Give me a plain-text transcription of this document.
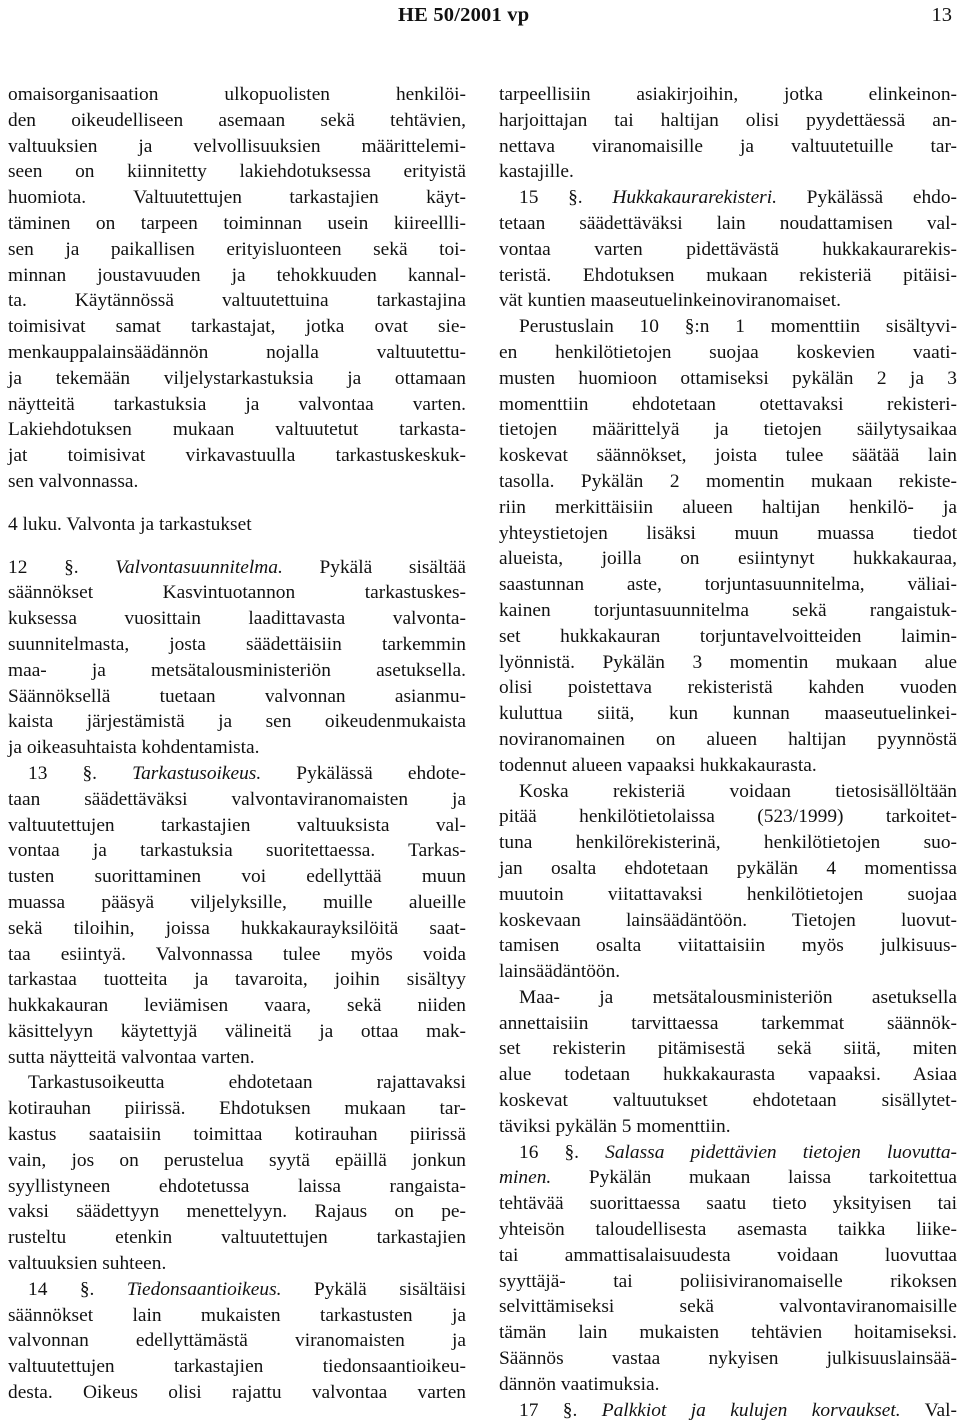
HE 50/2001 vp	13
omaisorganisaation ulkopuolisten henkilöi-
den oikeudelliseen asemaan sekä tehtävien,
valtuuksien ja velvollisuuksien määrittelemi-
seen on kiinnitetty lakiehdotuksessa erityistä
huomiota. Valtuutettujen tarkastajien käyt-
täminen on tarpeen toiminnan usein kiireellli-
sen ja paikallisen erityisluonteen sekä toi-
minnan joustavuuden ja tehokkuuden kannal-
ta. Käytännössä valtuutettuina tarkastajina
toimisivat samat tarkastajat, jotka ovat sie-
menkauppalainsäädännön nojalla valtuutettu-
ja tekemään viljelystarkastuksia ja ottamaan
näytteitä tarkastuksia ja valvontaa varten.
Lakiehdotuksen mukaan valtuutetut tarkasta-
jat toimisivat virkavastuulla tarkastuskeskuk-
sen valvonnassa.
4 luku. Valvonta ja tarkastukset
12 §. Valvontasuunnitelma. Pykälä sisältää
säännökset Kasvintuotannon tarkastuskes-
kuksessa vuosittain laadittavasta valvonta-
suunnitelmasta, josta säädettäisiin tarkemmin
maa- ja metsätalousministeriön asetuksella.
Säännöksellä tuetaan valvonnan asianmu-
kaista järjestämistä ja sen oikeudenmukaista
ja oikeasuhtaista kohdentamista.
13 §. Tarkastusoikeus. Pykälässä ehdote-
taan säädettäväksi valvontaviranomaisten ja
valtuutettujen tarkastajien valtuuksista val-
vontaa ja tarkastuksia suoritettaessa. Tarkas-
tusten suorittaminen voi edellyttää muun
muassa pääsyä viljelyksille, muille alueille
sekä tiloihin, joissa hukkakaurayksilöitä saat-
taa esiintyä. Valvonnassa tulee myös voida
tarkastaa tuotteita ja tavaroita, joihin sisältyy
hukkakauran leviämisen vaara, sekä niiden
käsittelyyn käytettyjä välineitä ja ottaa mak-
sutta näytteitä valvontaa varten.
Tarkastusoikeutta ehdotetaan rajattavaksi
kotirauhan piirissä. Ehdotuksen mukaan tar-
kastus saataisiin toimittaa kotirauhan piirissä
vain, jos on perustelua syytä epäillä jonkun
syyllistyneen ehdotetussa laissa rangaista-
vaksi säädettyyn menettelyyn. Rajaus on pe-
rusteltu etenkin valtuutettujen tarkastajien
valtuuksien suhteen.
14 §. Tiedonsaantioikeus. Pykälä sisältäisi
säännökset lain mukaisten tarkastusten ja
valvonnan edellyttämästä viranomaisten ja
valtuutettujen tarkastajien tiedonsaantioikeu-
desta. Oikeus olisi rajattu valvontaa varten
tarpeellisiin asiakirjoihin, jotka elinkeinon-
harjoittajan tai haltijan olisi pyydettäessä an-
nettava viranomaisille ja valtuutetuille tar-
kastajille.
15 §. Hukkakaurarekisteri. Pykälässä ehdo-
tetaan säädettäväksi lain noudattamisen val-
vontaa varten pidettävästä hukkakaurarekis-
teristä. Ehdotuksen mukaan rekisteriä pitäisi-
vät kuntien maaseutuelinkeinoviranomaiset.
Perustuslain 10 §:n 1 momenttiin sisältyvi-
en henkilötietojen suojaa koskevien vaati-
musten huomioon ottamiseksi pykälän 2 ja 3
momenttiin ehdotetaan otettavaksi rekisteri-
tietojen määrittelyä ja tietojen säilytysaikaa
koskevat säännökset, joista tulee säätää lain
tasolla. Pykälän 2 momentin mukaan rekiste-
riin merkittäisiin alueen haltijan henkilö- ja
yhteystietojen lisäksi muun muassa tiedot
alueista, joilla on esiintynyt hukkakauraa,
saastunnan aste, torjuntasuunnitelma, väliai-
kainen torjuntasuunnitelma sekä rangaistuk-
set hukkakauran torjuntavelvoitteiden laimin-
lyönnistä. Pykälän 3 momentin mukaan alue
olisi poistettava rekisteristä kahden vuoden
kuluttua siitä, kun kunnan maaseutuelinkei-
noviranomainen on alueen haltijan pyynnöstä
todennut alueen vapaaksi hukkakaurasta.
Koska rekisteriä voidaan tietosisällöltään
pitää henkilötietolaissa (523/1999) tarkoitet-
tuna henkilörekisterinä, henkilötietojen suo-
jan osalta ehdotetaan pykälän 4 momentissa
muutoin viitattavaksi henkilötietojen suojaa
koskevaan lainsäädäntöön. Tietojen luovut-
tamisen osalta viitattaisiin myös julkisuus-
lainsäädäntöön.
Maa- ja metsätalousministeriön asetuksella
annettaisiin tarvittaessa tarkemmat säännök-
set rekisterin pitämisestä sekä siitä, miten
alue todetaan hukkakaurasta vapaaksi. Asiaa
koskevat valtuutukset ehdotetaan sisällytet-
täviksi pykälän 5 momenttiin.
16 §. Salassa pidettävien tietojen luovutta-
minen. Pykälän mukaan laissa tarkoitettua
tehtävää suorittaessa saatu tieto yksityisen tai
yhteisön taloudellisesta asemasta taikka liike-
tai ammattisalaisuudesta voidaan luovuttaa
syyttäjä- tai poliisiviranomaiselle rikoksen
selvittämiseksi sekä valvontaviranomaisille
tämän lain mukaisten tehtävien hoitamiseksi.
Säännös vastaa nykyisen julkisuuslainsää-
dännön vaatimuksia.
17 §. Palkkiot ja kulujen korvaukset. Val-
